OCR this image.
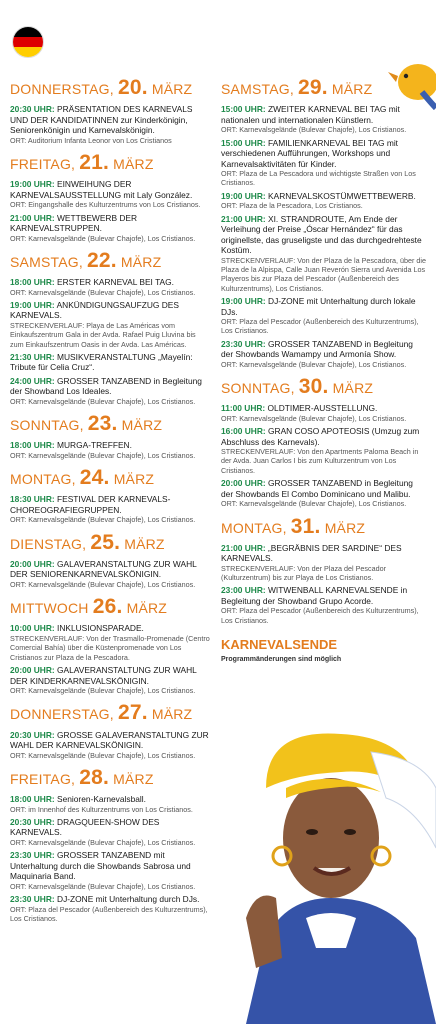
DONNERSTAG, 20. MÄRZ
20:30 UHR: PRÄSENTATION DES KARNEVALS UND DER KANDIDATINNEN zur Kinderkönigin, Seniorenkönigin und Karnevalskönigin.
ORT: Auditorium Infanta Leonor von Los Cristianos
FREITAG, 21. MÄRZ
19:00 UHR: EINWEIHUNG DER KARNEVALSAUSSTELLUNG mit Laly González.
ORT: Eingangshalle des Kulturzentrums von Los Cristianos.
21:00 UHR: WETTBEWERB DER KARNEVALSTRUPPEN.
ORT: Karnevalsgelände (Bulevar Chajofe), Los Cristianos.
SAMSTAG, 22. MÄRZ
18:00 UHR: ERSTER KARNEVAL BEI TAG.
ORT: Karnevalsgelände (Bulevar Chajofe), Los Cristianos.
19:00 UHR: ANKÜNDIGUNGSAUFZUG DES KARNEVALS.
STRECKENVERLAUF: Playa de Las Américas vom Einkaufszentrum Gala in der Avda. Rafael Puig Lluvina bis zum Einkaufszentrum Oasis in der Avda. Las Américas.
21:30 UHR: MUSIKVERANSTALTUNG „Mayelín: Tribute für Celia Cruz“.
24:00 UHR: GROSSER TANZABEND in Begleitung der Showband Los Ideales.
ORT: Karnevalsgelände (Bulevar Chajofe), Los Cristianos.
SONNTAG, 23. MÄRZ
18:00 UHR: MURGA-TREFFEN.
ORT: Karnevalsgelände (Bulevar Chajofe), Los Cristianos.
MONTAG, 24. MÄRZ
18:30 UHR: FESTIVAL DER KARNEVALS-CHOREOGRAFIEGRUPPEN.
ORT: Karnevalsgelände (Bulevar Chajofe), Los Cristianos.
DIENSTAG, 25. MÄRZ
20:00 UHR: GALAVERANSTALTUNG ZUR WAHL DER SENIORENKARNEVALSKÖNIGIN.
ORT: Karnevalsgelände (Bulevar Chajofe), Los Cristianos.
MITTWOCH 26. MÄRZ
10:00 UHR: INKLUSIONSPARADE.
STRECKENVERLAUF: Von der Trasmallo-Promenade (Centro Comercial Bahía) über die Küstenpromenade von Los Cristianos zur Plaza de la Pescadora.
20:00 UHR: GALAVERANSTALTUNG ZUR WAHL DER KINDERKARNEVALSKÖNIGIN.
ORT: Karnevalsgelände (Bulevar Chajofe), Los Cristianos.
DONNERSTAG, 27. MÄRZ
20:30 UHR: GROSSE GALAVERANSTALTUNG ZUR WAHL DER KARNEVALSKÖNIGIN.
ORT: Karnevalsgelände (Bulevar Chajofe), Los Cristianos.
FREITAG, 28. MÄRZ
18:00 UHR: Senioren-Karnevalsball.
ORT: im Innenhof des Kulturzentrums von Los Cristianos.
20:30 UHR: DRAGQUEEN-SHOW DES KARNEVALS.
ORT: Karnevalsgelände (Bulevar Chajofe), Los Cristianos.
23:30 UHR: GROSSER TANZABEND mit Unterhaltung durch die Showbands Sabrosa und Maquinaria Band.
ORT: Karnevalsgelände (Bulevar Chajofe), Los Cristianos.
23:30 UHR: DJ-ZONE mit Unterhaltung durch DJs.
ORT: Plaza del Pescador (Außenbereich des Kulturzentrums), Los Cristianos.
SAMSTAG, 29. MÄRZ
15:00 UHR: ZWEITER KARNEVAL BEI TAG mit nationalen und internationalen Künstlern.
ORT: Karnevalsgelände (Bulevar Chajofe), Los Cristianos.
15:00 UHR: FAMILIENKARNEVAL BEI TAG mit verschiedenen Aufführungen, Workshops und Karnevalsaktivitäten für Kinder.
ORT: Plaza de La Pescadora und wichtigste Straßen von Los Cristianos.
19:00 UHR: KARNEVALSKOSTÜMWETTBEWERB.
ORT: Plaza de la Pescadora, Los Cristianos.
21:00 UHR: XI. STRANDROUTE, Am Ende der Verleihung der Preise „Óscar Hernández“ für das originellste, das gruseligste und das durchgedrehteste Kostüm.
STRECKENVERLAUF: Von der Plaza de la Pescadora, über die Plaza de la Alpispa, Calle Juan Reverón Sierra und Avenida Los Playeros bis zur Plaza del Pescador (Außenbereich des Kulturzentrums), Los Cristianos.
19:00 UHR: DJ-ZONE mit Unterhaltung durch lokale DJs.
ORT: Plaza del Pescador (Außenbereich des Kulturzentrums), Los Cristianos.
23:30 UHR: GROSSER TANZABEND in Begleitung der Showbands Wamampy und Armonía Show.
ORT: Karnevalsgelände (Bulevar Chajofe), Los Cristianos.
SONNTAG, 30. MÄRZ
11:00 UHR: OLDTIMER-AUSSTELLUNG.
ORT: Karnevalsgelände (Bulevar Chajofe), Los Cristianos.
16:00 UHR: GRAN COSO APOTEOSIS (Umzug zum Abschluss des Karnevals).
STRECKENVERLAUF: Von den Apartments Paloma Beach in der Avda. Juan Carlos I bis zum Kulturzentrum von Los Cristianos.
20:00 UHR: GROSSER TANZABEND in Begleitung der Showbands El Combo Dominicano und Malibu.
ORT: Karnevalsgelände (Bulevar Chajofe), Los Cristianos.
MONTAG, 31. MÄRZ
21:00 UHR: „BEGRÄBNIS DER SARDINE“ DES KARNEVALS.
STRECKENVERLAUF: Von der Plaza del Pescador (Kulturzentrum) bis zur Playa de Los Cristianos.
23:00 UHR: WITWENBALL KARNEVALSENDE in Begleitung der Showband Grupo Acorde.
ORT: Plaza del Pescador (Außenbereich des Kulturzentrums), Los Cristianos.
KARNEVALSENDE
Programmänderungen sind möglich
